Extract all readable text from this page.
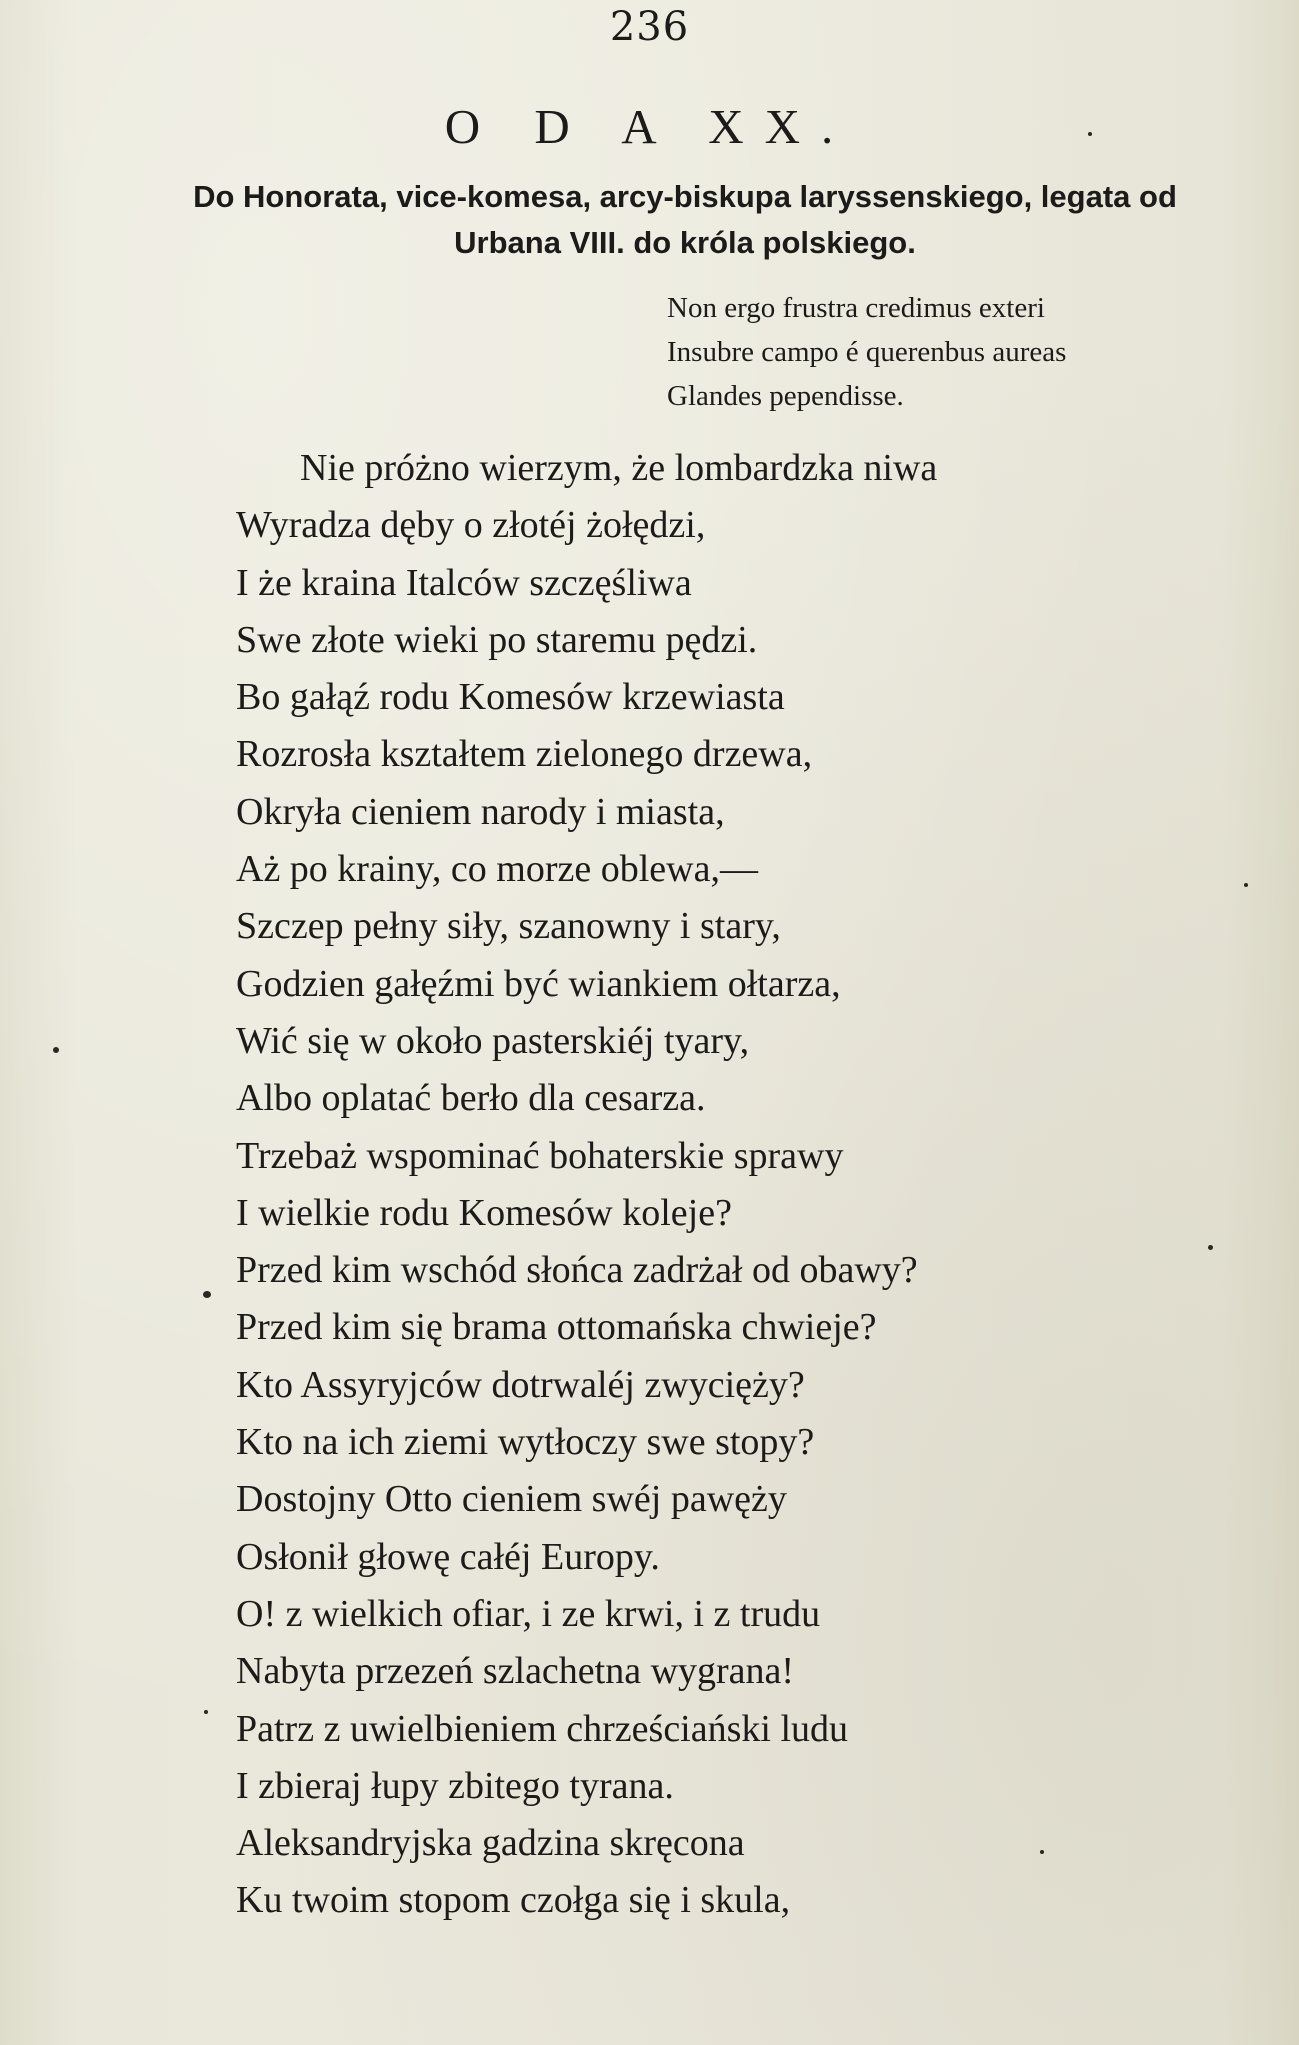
236
O D A XX.
Do Honorata, vice-komesa, arcy-biskupa laryssenskiego, legata od
Urbana VIII. do króla polskiego.
Non ergo frustra credimus exteri
Insubre campo é querenbus aureas
Glandes pependisse.
Nie próżno wierzym, że lombardzka niwa
Wyradza dęby o złotéj żołędzi,
I że kraina Italców szczęśliwa
Swe złote wieki po staremu pędzi.
Bo gałąź rodu Komesów krzewiasta
Rozrosła kształtem zielonego drzewa,
Okryła cieniem narody i miasta,
Aż po krainy, co morze oblewa,—
Szczep pełny siły, szanowny i stary,
Godzien gałęźmi być wiankiem ołtarza,
Wić się w około pasterskiéj tyary,
Albo oplatać berło dla cesarza.
Trzebaż wspominać bohaterskie sprawy
I wielkie rodu Komesów koleje?
Przed kim wschód słońca zadrżał od obawy?
Przed kim się brama ottomańska chwieje?
Kto Assyryjców dotrwaléj zwycięży?
Kto na ich ziemi wytłoczy swe stopy?
Dostojny Otto cieniem swéj pawęży
Osłonił głowę całéj Europy.
O! z wielkich ofiar, i ze krwi, i z trudu
Nabyta przezeń szlachetna wygrana!
Patrz z uwielbieniem chrześciański ludu
I zbieraj łupy zbitego tyrana.
Aleksandryjska gadzina skręcona
Ku twoim stopom czołga się i skula,
